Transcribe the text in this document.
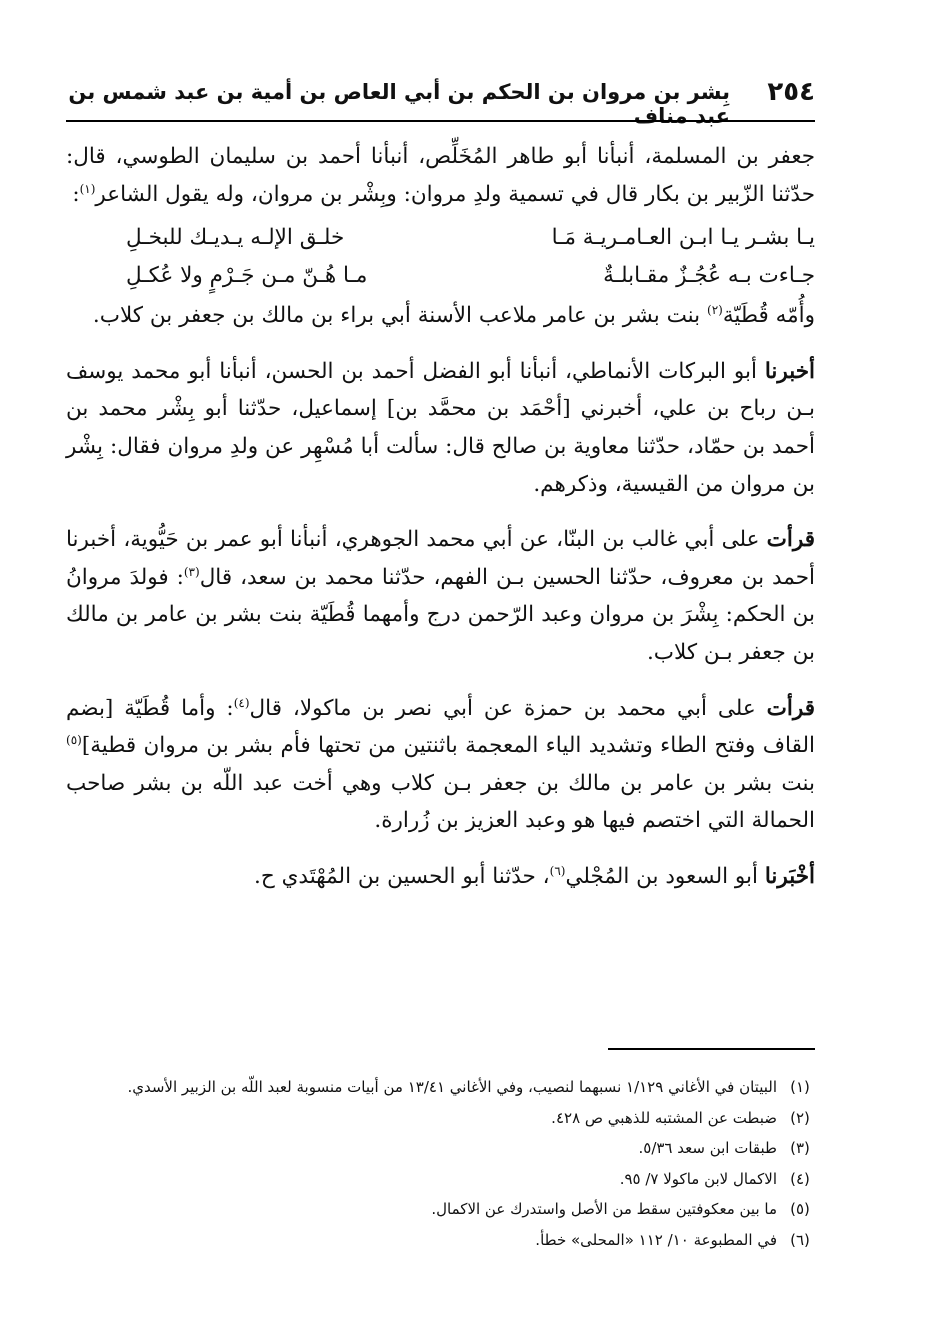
بِشر بن مروان بن الحكم بن أبي العاص بن أمية بن عبد شمس بن عبد مناف
٢٥٤

جعفر بن المسلمة، أنبأنا أبو طاهر المُخَلِّص، أنبأنا أحمد بن سليمان الطوسي، قال: حدّثنا الزّبير بن بكار قال في تسمية ولدِ مروان: وبِشْر بن مروان، وله يقول الشاعر$^{(١)}$:

يـا بشـر يـا ابـن العـامـريـة مَـا
خلـق الإلـه يـديـك للبخـلِ
جـاءت بـه عُجُـزٌ مقـابلـةٌ
مـا هُـنّ مـن جَـرْمٍ ولا عُكـلِ

وأُمّه قُطَيّة$^{(٢)}$ بنت بشر بن عامر ملاعب الأسنة أبي براء بن مالك بن جعفر بن كلاب.

أخبرنا أبو البركات الأنماطي، أنبأنا أبو الفضل أحمد بن الحسن، أنبأنا أبو محمد يوسف بـن رباح بن علي، أخبرني [أحْمَد بن محمَّد بن] إسماعيل، حدّثنا أبو بِشْر محمد بن أحمد بن حمّاد، حدّثنا معاوية بن صالح قال: سألت أبا مُسْهِر عن ولدِ مروان فقال: بِشْر بن مروان من القيسية، وذكرهم.

قرأت على أبي غالب بن البنّا، عن أبي محمد الجوهري، أنبأنا أبو عمر بن حَيُّوية، أخبرنا أحمد بن معروف، حدّثنا الحسين بـن الفهم، حدّثنا محمد بن سعد، قال$^{(٣)}$: فولدَ مروانُ بن الحكم: بِشْرَ بن مروان وعبد الرّحمن درج وأمهما قُطَيّة بنت بشر بن عامر بن مالك بن جعفر بـن كلاب.

قرأت على أبي محمد بن حمزة عن أبي نصر بن ماكولا، قال$^{(٤)}$: وأما قُطَيّة [بضم القاف وفتح الطاء وتشديد الياء المعجمة باثنتين من تحتها فأم بشر بن مروان قطية]$^{(٥)}$ بنت بشر بن عامر بن مالك بن جعفر بـن كلاب وهي أخت عبد اللّه بن بشر صاحب الحمالة التي اختصم فيها هو وعبد العزيز بن زُرارة.

أخْبَرنا أبو السعود بن المُجْلي$^{(٦)}$، حدّثنا أبو الحسين بن المُهْتَدي ح.

(١)
البيتان في الأغاني ١/١٢٩ نسبهما لنصيب، وفي الأغاني ١٣/٤١ من أبيات منسوبة لعبد اللّه بن الزبير الأسدي.
(٢)
ضبطت عن المشتبه للذهبي ص ٤٢٨.
(٣)
طبقات ابن سعد ٥/٣٦.
(٤)
الاكمال لابن ماكولا ٧/ ٩٥.
(٥)
ما بين معكوفتين سقط من الأصل واستدرك عن الاكمال.
(٦)
في المطبوعة ١٠/ ١١٢ «المحلى» خطأ.
